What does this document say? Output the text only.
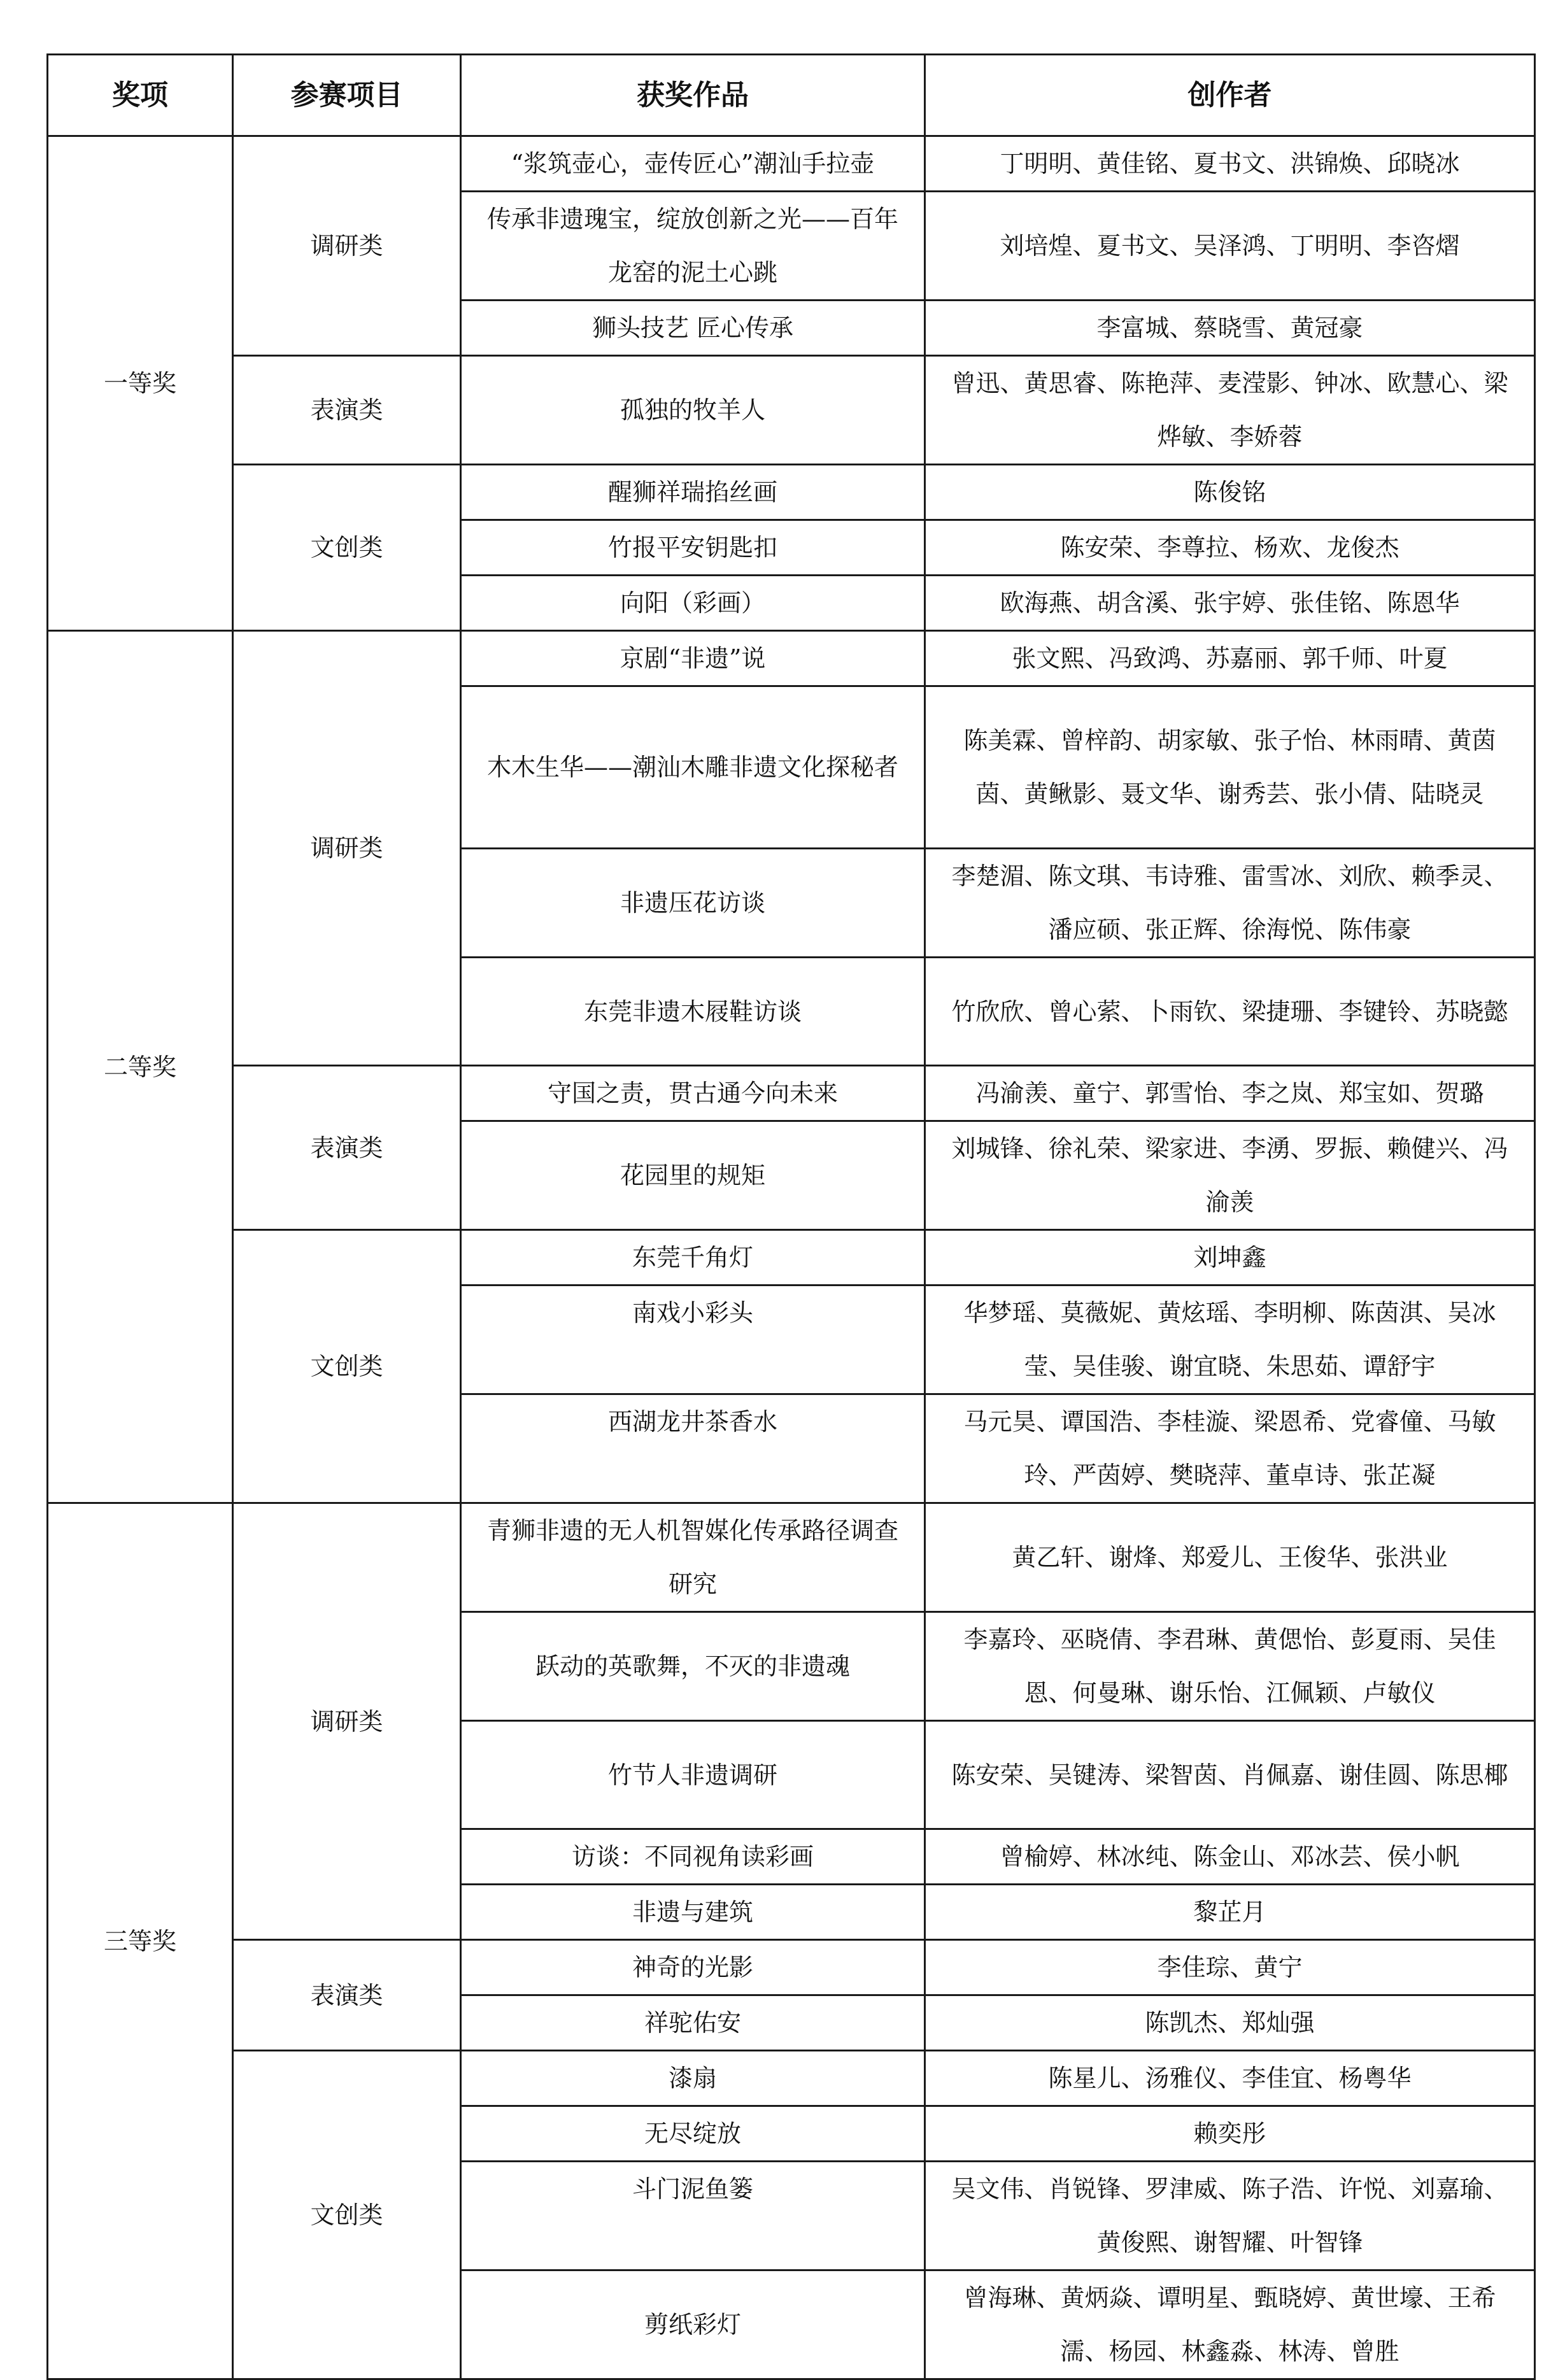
奖项	参赛项目	获奖作品	创作者
一等奖	调研类	“浆筑壶心，壶传匠心”潮汕手拉壶	丁明明、黄佳铭、夏书文、洪锦焕、邱晓冰
		传承非遗瑰宝，绽放创新之光——百年龙窑的泥土心跳	刘培煌、夏书文、吴泽鸿、丁明明、李咨熠
		狮头技艺 匠心传承	李富城、蔡晓雪、黄冠豪
	表演类	孤独的牧羊人	曾迅、黄思睿、陈艳萍、麦滢影、钟冰、欧慧心、梁烨敏、李娇蓉
	文创类	醒狮祥瑞掐丝画	陈俊铭
		竹报平安钥匙扣	陈安荣、李尊拉、杨欢、龙俊杰
		向阳（彩画）	欧海燕、胡含溪、张宇婷、张佳铭、陈恩华
二等奖	调研类	京剧“非遗”说	张文熙、冯致鸿、苏嘉丽、郭千师、叶夏
		木木生华——潮汕木雕非遗文化探秘者	陈美霖、曾梓韵、胡家敏、张子怡、林雨晴、黄茵茵、黄鳅影、聂文华、谢秀芸、张小倩、陆晓灵
		非遗压花访谈	李楚湄、陈文琪、韦诗雅、雷雪冰、刘欣、赖季灵、潘应硕、张正辉、徐海悦、陈伟豪
		东莞非遗木屐鞋访谈	竹欣欣、曾心萦、卜雨钦、梁捷珊、李键铃、苏晓懿
	表演类	守国之责，贯古通今向未来	冯渝羡、童宁、郭雪怡、李之岚、郑宝如、贺璐
		花园里的规矩	刘城锋、徐礼荣、梁家进、李湧、罗振、赖健兴、冯渝羡
	文创类	东莞千角灯	刘坤鑫
		南戏小彩头	华梦瑶、莫薇妮、黄炫瑶、李明柳、陈茵淇、吴冰莹、吴佳骏、谢宜晓、朱思茹、谭舒宇
		西湖龙井茶香水	马元昊、谭国浩、李桂漩、梁恩希、党睿僮、马敏玲、严茵婷、樊晓萍、董卓诗、张芷凝
三等奖	调研类	青狮非遗的无人机智媒化传承路径调查研究	黄乙轩、谢烽、郑爱儿、王俊华、张洪业
		跃动的英歌舞，不灭的非遗魂	李嘉玲、巫晓倩、李君琳、黄偲怡、彭夏雨、吴佳恩、何曼琳、谢乐怡、江佩颖、卢敏仪
		竹节人非遗调研	陈安荣、吴键涛、梁智茵、肖佩嘉、谢佳圆、陈思椰
		访谈：不同视角读彩画	曾榆婷、林冰纯、陈金山、邓冰芸、侯小帆
		非遗与建筑	黎芷月
	表演类	神奇的光影	李佳琮、黄宁
		祥驼佑安	陈凯杰、郑灿强
	文创类	漆扇	陈星儿、汤雅仪、李佳宜、杨粤华
		无尽绽放	赖奕彤
		斗门泥鱼篓	吴文伟、肖锐锋、罗津威、陈子浩、许悦、刘嘉瑜、黄俊熙、谢智耀、叶智锋
		剪纸彩灯	曾海琳、黄炳焱、谭明星、甄晓婷、黄世壕、王希濡、杨园、林鑫淼、林涛、曾胜
